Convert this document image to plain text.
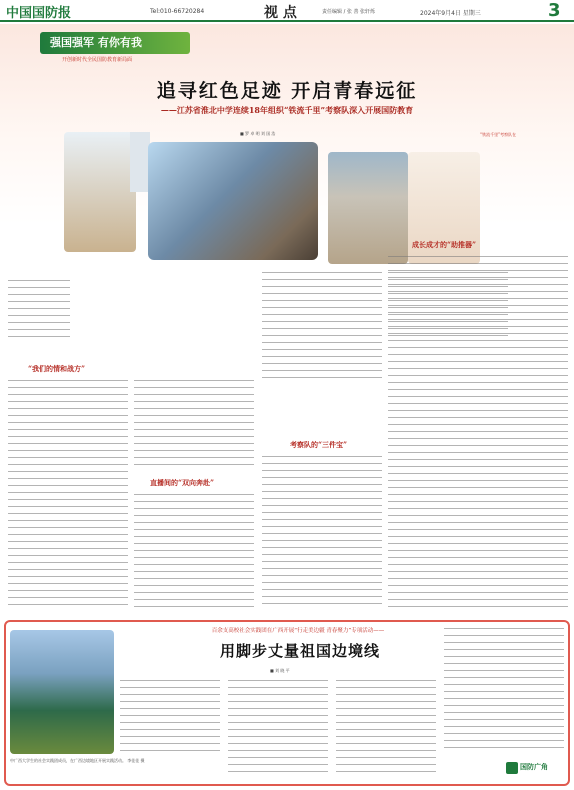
中国国防报	Tel:010-66720284	视 点	责任编辑 / 张 善 张轩烁	2024年9月4日 星期三	3
强国强军 有你有我
开创新时代全民国防教育新局面
追寻红色足迹 开启青春远征
——江苏省淮北中学连续18年组织“铁流千里”考察队深入开展国防教育
■ 罗 卓 明 刘 国 浩	“铁流千里”考察队在
“我们的情和战方”
直播间的“双向奔赴”
考察队的“三件宝”
成长成才的“助推器”
百余支高校社会实践团在广西开展“行走美边疆 青春聚力”专项活动——
用脚步丈量祖国边境线
■ 刘 晓 平
中广西大学生的社会实践团成员，在广西边境地区开展实践活动。 李佳佳 摄
国防广角
